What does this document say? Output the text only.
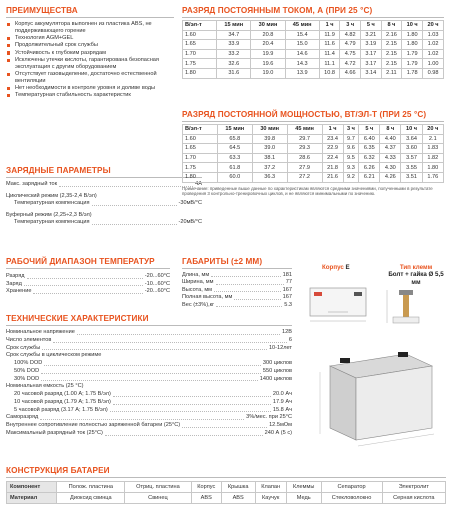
ПРЕИМУЩЕСТВА
Корпус аккумулятора выполнен из пластика ABS, не поддерживающего горение
Технология AGM+GEL
Продолжительный срок службы
Устойчивость к глубоким разрядам
Исключены утечки кислоты, гарантирована безопасная эксплуатация с другим оборудованием
Отсутствует газовыделение, достаточно естественной вентиляции
Нет необходимости в контроле уровня и доливе воды
Температурная стабильность характеристик
ЗАРЯДНЫЕ ПАРАМЕТРЫ
Макс. зарядный ток	4A
Циклический режим (2,35-2,4 В/эл)
Температурная компенсация	-30мВ/°С
Буферный режим (2,25÷2,3 В/эл)
Температурная компенсация	-20мВ/°С
РАБОЧИЙ ДИАПАЗОН ТЕМПЕРАТУР
Разряд	-20...60°С
Заряд	-10...60°С
Хранение	-20...60°С
ГАБАРИТЫ (±2 ММ)
Длина, мм	181
Ширина, мм	77
Высота, мм	167
Полная высота, мм	167
Вес (±3%),кг	5.3
ТЕХНИЧЕСКИЕ ХАРАКТЕРИСТИКИ
Номинальное напряжение	12В
Число элементов	6
Срок службы	10-12лет
Срок службы в циклическом режиме
100% DOD	300 циклов
50% DOD	550 циклов
30% DOD	1400 циклов
Номинальная емкость (25 °С)
20 часовой разряд (1.00 А; 1.75 В/эл)	20.0 Ач
10 часовой разряд (1.79 А; 1.75 В/эл)	17.9 Ач
5 часовой разряд (3.17 А; 1.75 В/эл)	15.8 Ач
Саморазряд	3%/мес. при 25°С
Внутреннее сопротивление полностью заряженной батареи (25°С)	12.5мОм
Максимальный разрядный ток (25°С)	240 А (5 с)
РАЗРЯД ПОСТОЯННЫМ ТОКОМ, А (ПРИ 25 °С)
В/эл-т	15 мин	30 мин	45 мин	1 ч	3 ч	5 ч	8 ч	10 ч	20 ч
1.60	34.7	20.8	15.4	11.9	4.82	3.21	2.16	1.80	1.03
1.65	33.9	20.4	15.0	11.6	4.79	3.19	2.15	1.80	1.02
1.70	33.2	19.9	14.6	11.4	4.75	3.17	2.15	1.79	1.02
1.75	32.6	19.6	14.3	11.1	4.72	3.17	2.15	1.79	1.00
1.80	31.6	19.0	13.9	10.8	4.66	3.14	2.11	1.78	0.98
РАЗРЯД ПОСТОЯННОЙ МОЩНОСТЬЮ, ВТ/ЭЛ-Т (ПРИ 25 °С)
В/эл-т	15 мин	30 мин	45 мин	1 ч	3 ч	5 ч	8 ч	10 ч	20 ч
1.60	65.8	39.8	29.7	23.4	9.7	6.40	4.40	3.64	2.1
1.65	64.5	39.0	29.3	22.9	9.6	6.35	4.37	3.60	1.83
1.70	63.3	38.1	28.6	22.4	9.5	6.32	4.33	3.57	1.82
1.75	61.8	37.2	27.9	21.8	9.3	6.26	4.30	3.55	1.80
1.80	60.0	36.3	27.2	21.6	9.2	6.21	4.26	3.51	1.76
Примечание: приведенные выше данные по характеристикам являются средними значениями, полученными в результате проведения 3 контрольно-тренировочных циклов, и не являются минимальными по значению.
Корпус E	Тип клемм
Болт + гайка Ø 5,5 мм
КОНСТРУКЦИЯ БАТАРЕИ
Компонент	Полож. пластина	Отриц. пластина	Корпус	Крышка	Клапан	Клеммы	Сепаратор	Электролит
Материал	Диоксид свинца	Свинец	ABS	ABS	Каучук	Медь	Стекловолокно	Серная кислота
